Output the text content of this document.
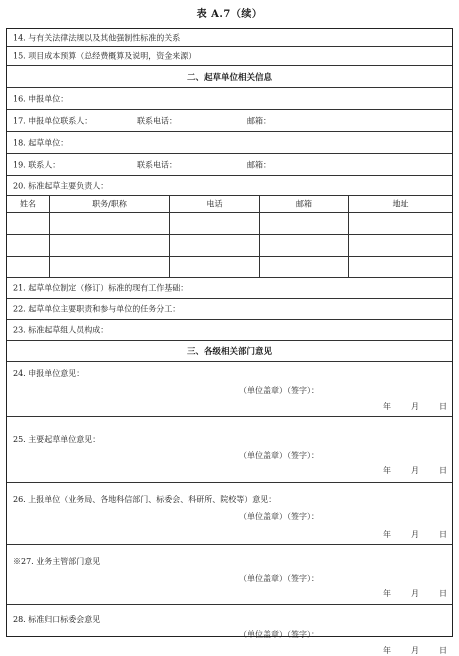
表 A.7（续）
14. 与有关法律法规以及其他强制性标准的关系
15. 项目成本预算（总经费概算及说明，资金来源）
二、起草单位相关信息
16. 申报单位：
17. 申报单位联系人：	联系电话：	邮箱：
18. 起草单位：
19. 联系人：	联系电话：	邮箱：
20. 标准起草主要负责人：
姓名	职务/职称	电话	邮箱	地址
21. 起草单位制定（修订）标准的现有工作基础：
22. 起草单位主要职责和参与单位的任务分工：
23. 标准起草组人员构成：
三、各级相关部门意见
24. 申报单位意见：
（单位盖章）（签字）：
年	月	日
25. 主要起草单位意见：
（单位盖章）（签字）：
年	月	日
26. 上报单位（业务局、各地科信部门、标委会、科研所、院校等）意见：
（单位盖章）（签字）：
年	月	日
※27. 业务主管部门意见
（单位盖章）（签字）：
年	月	日
28. 标准归口标委会意见
（单位盖章）（签字）：
年	月	日
